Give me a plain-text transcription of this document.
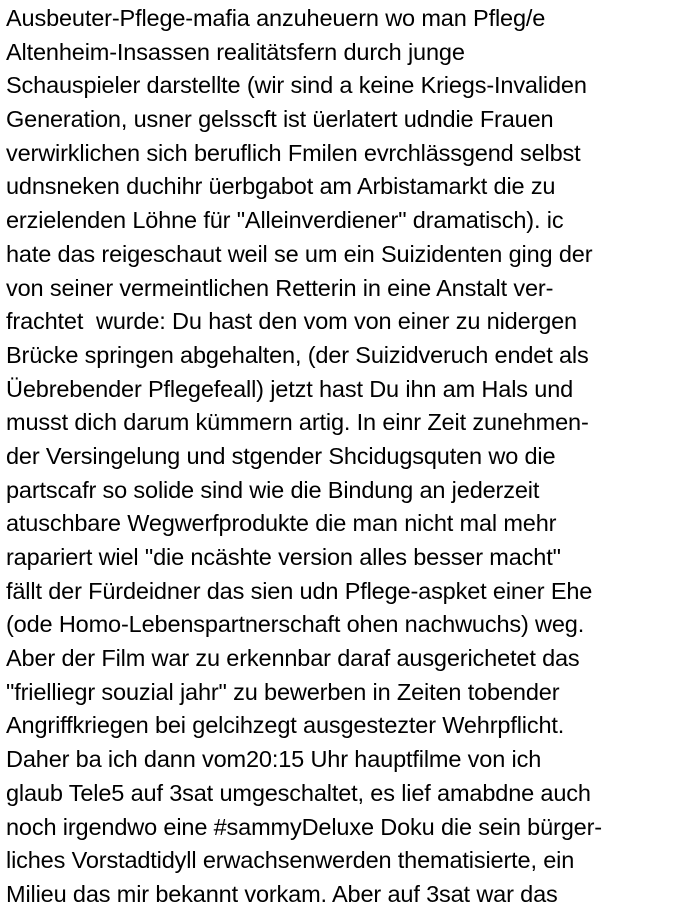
Ausbeuter-Pflege-mafia anzuheuern wo man Pfleg/e
Altenheim-Insassen realitätsfern durch junge
Schauspieler darstellte (wir sind a keine Kriegs-Invaliden
Generation, usner gelsscft ist üerlatert udndie Frauen
verwirklichen sich beruflich Fmilen evrchlässgend selbst
udnsneken duchihr üerbgabot am Arbistamarkt die zu
erzielenden Löhne für "Alleinverdiener" dramatisch). ic
hate das reigeschaut weil se um ein Suizidenten ging der
von seiner vermeintlichen Retterin in eine Anstalt ver-
frachtet  wurde: Du hast den vom von einer zu nidergen
Brücke springen abgehalten, (der Suizidveruch endet als
Üebrebender Pflegefeall) jetzt hast Du ihn am Hals und
musst dich darum kümmern artig. In einr Zeit zunehmen-
der Versingelung und stgender Shcidugsquten wo die
partscafr so solide sind wie die Bindung an jederzeit
atuschbare Wegwerfprodukte die man nicht mal mehr
rapariert wiel "die ncäshte version alles besser macht"
fällt der Fürdeidner das sien udn Pflege-aspket einer Ehe
(ode Homo-Lebenspartnerschaft ohen nachwuchs) weg.
Aber der Film war zu erkennbar daraf ausgerichetet das
"frielliegr souzial jahr" zu bewerben in Zeiten tobender
Angriffkriegen bei gelcihzegt ausgestezter Wehrpflicht.
Daher ba ich dann vom20:15 Uhr hauptfilme von ich
glaub Tele5 auf 3sat umgeschaltet, es lief amabdne auch
noch irgendwo eine #sammyDeluxe Doku die sein bürger-
liches Vorstadtidyll erwachsenwerden thematisierte, ein
Milieu das mir bekannt vorkam. Aber auf 3sat war das
